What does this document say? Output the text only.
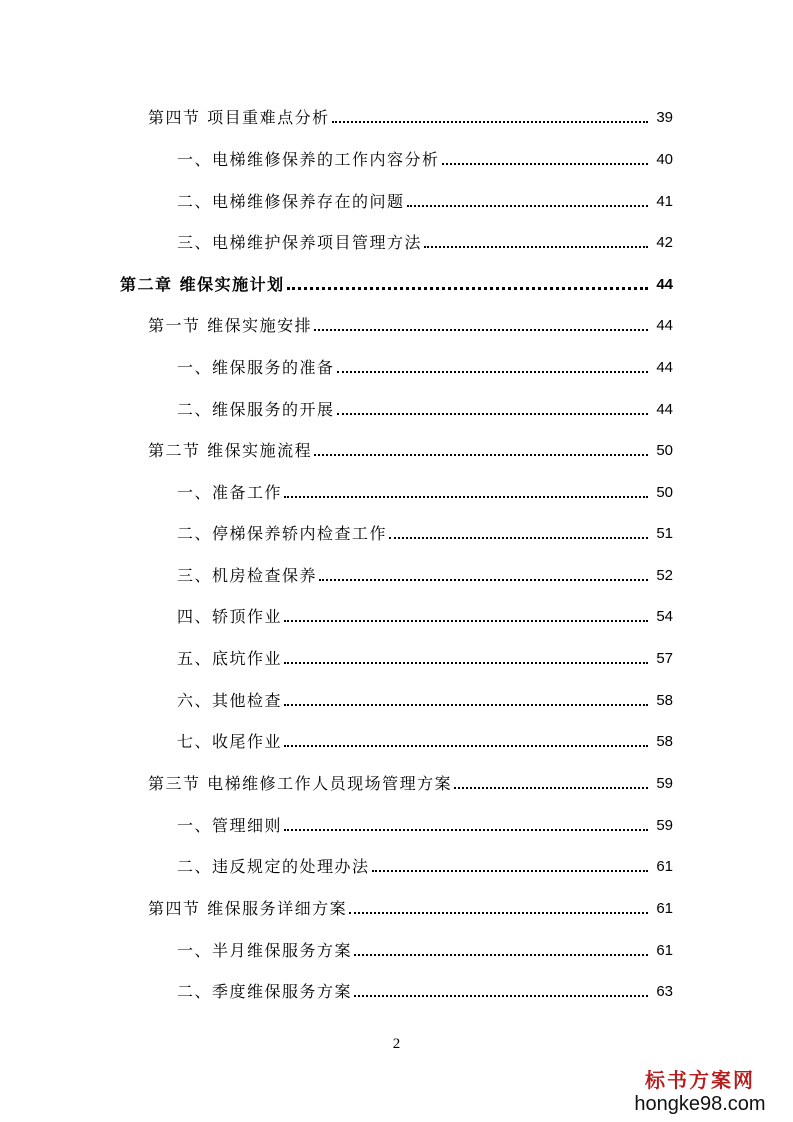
第四节 项目重难点分析	39
一、电梯维修保养的工作内容分析	40
二、电梯维修保养存在的问题	41
三、电梯维护保养项目管理方法	42
第二章 维保实施计划	44
第一节 维保实施安排	44
一、维保服务的准备	44
二、维保服务的开展	44
第二节 维保实施流程	50
一、准备工作	50
二、停梯保养轿内检查工作	51
三、机房检查保养	52
四、轿顶作业	54
五、底坑作业	57
六、其他检查	58
七、收尾作业	58
第三节 电梯维修工作人员现场管理方案	59
一、管理细则	59
二、违反规定的处理办法	61
第四节 维保服务详细方案	61
一、半月维保服务方案	61
二、季度维保服务方案	63
2
标书方案网
hongke98.com
